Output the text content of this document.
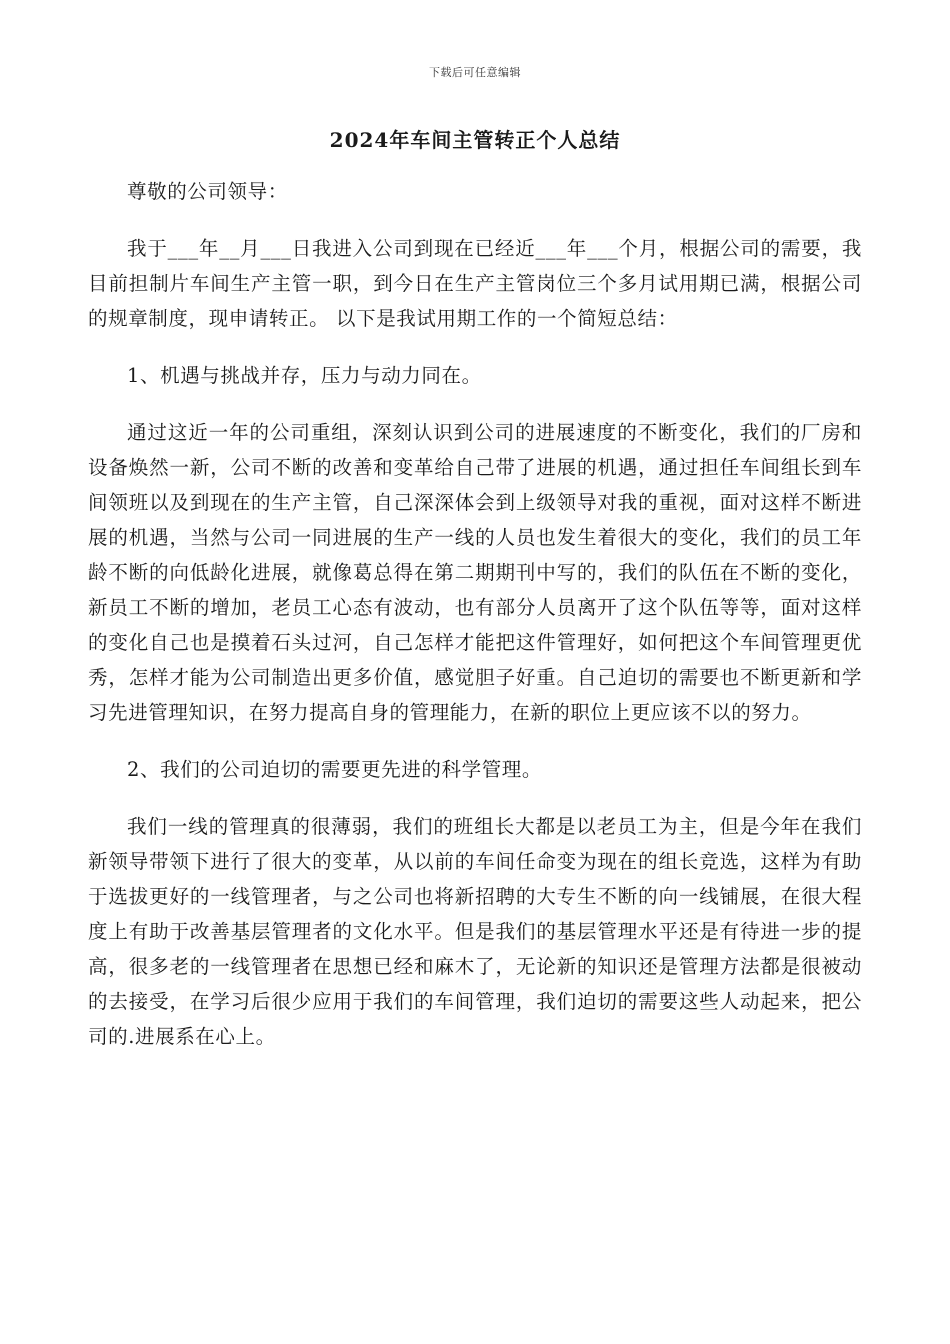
下载后可任意编辑
2024年车间主管转正个人总结

尊敬的公司领导：

我于___年__月___日我进入公司到现在已经近___年___个月，根据公司的需要，我目前担制片车间生产主管一职，到今日在生产主管岗位三个多月试用期已满，根据公司的规章制度，现申请转正。 以下是我试用期工作的一个简短总结：

1、机遇与挑战并存，压力与动力同在。

通过这近一年的公司重组，深刻认识到公司的进展速度的不断变化，我们的厂房和设备焕然一新，公司不断的改善和变革给自己带了进展的机遇，通过担任车间组长到车间领班以及到现在的生产主管，自己深深体会到上级领导对我的重视，面对这样不断进展的机遇，当然与公司一同进展的生产一线的人员也发生着很大的变化，我们的员工年龄不断的向低龄化进展，就像葛总得在第二期期刊中写的，我们的队伍在不断的变化，新员工不断的增加，老员工心态有波动，也有部分人员离开了这个队伍等等，面对这样的变化自己也是摸着石头过河，自己怎样才能把这件管理好，如何把这个车间管理更优秀，怎样才能为公司制造出更多价值，感觉胆子好重。自己迫切的需要也不断更新和学习先进管理知识，在努力提高自身的管理能力，在新的职位上更应该不以的努力。

2、我们的公司迫切的需要更先进的科学管理。

我们一线的管理真的很薄弱，我们的班组长大都是以老员工为主，但是今年在我们新领导带领下进行了很大的变革，从以前的车间任命变为现在的组长竞选，这样为有助于选拔更好的一线管理者，与之公司也将新招聘的大专生不断的向一线铺展，在很大程度上有助于改善基层管理者的文化水平。但是我们的基层管理水平还是有待进一步的提高，很多老的一线管理者在思想已经和麻木了，无论新的知识还是管理方法都是很被动的去接受，在学习后很少应用于我们的车间管理，我们迫切的需要这些人动起来，把公司的.进展系在心上。
